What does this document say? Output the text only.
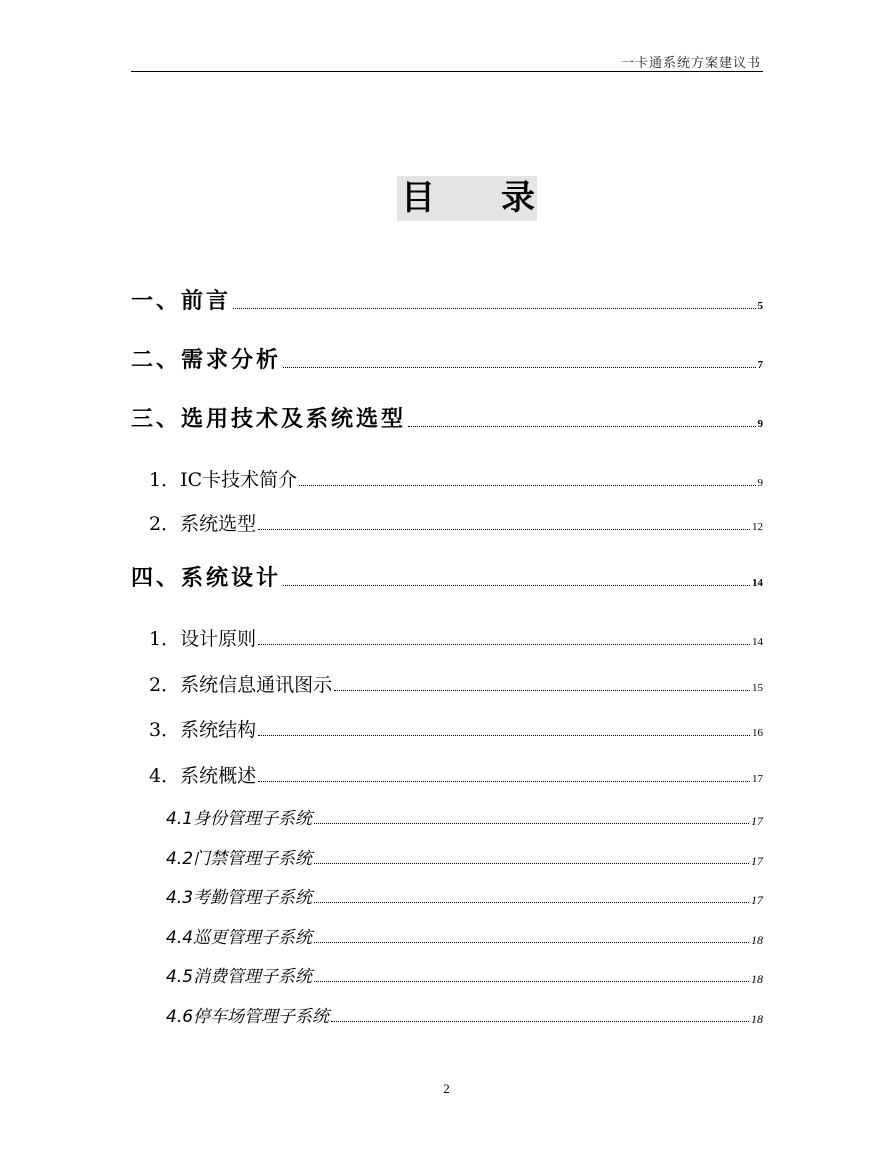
一卡通系统方案建议书
目 录
一、前言	5
二、需求分析	7
三、选用技术及系统选型	9
1．IC卡技术简介	9
2．系统选型	12
四、系统设计	14
1．设计原则	14
2．系统信息通讯图示	15
3．系统结构	16
4．系统概述	17
4.1身份管理子系统	17
4.2门禁管理子系统	17
4.3考勤管理子系统	17
4.4巡更管理子系统	18
4.5消费管理子系统	18
4.6停车场管理子系统	18
2
